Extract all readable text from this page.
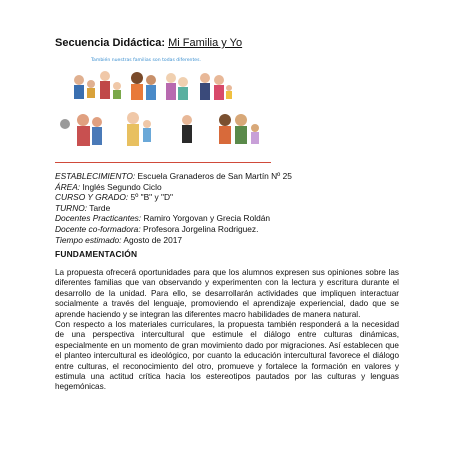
Secuencia Didáctica: Mi Familia y Yo
También nuestras familias son todas diferentes.
ESTABLECIMIENTO: Escuela Granaderos de San Martín Nº 25
ÁREA: Inglés Segundo Ciclo
CURSO Y GRADO: 5º "B" y "D"
TURNO: Tarde
Docentes Practicantes: Ramiro Yorgovan y Grecia Roldán
Docente co-formadora: Profesora Jorgelina Rodriguez.
Tiempo estimado: Agosto de 2017
FUNDAMENTACIÓN

La propuesta ofrecerá oportunidades para que los alumnos expresen sus opiniones sobre las diferentes familias que van observando y experimenten con la lectura y escritura durante el desarrollo de la unidad. Para ello, se desarrollarán actividades que impliquen interactuar socialmente a través del lenguaje, promoviendo el aprendizaje experiencial, dado que se aprende haciendo y se integran las diferentes macro habilidades de manera natural.

Con respecto a los materiales curriculares, la propuesta también responderá a la necesidad de una perspectiva intercultural que estimule el diálogo entre culturas dinámicas, especialmente en un momento de gran movimiento dado por migraciones. Así establecen que el planteo intercultural es ideológico, por cuanto la educación intercultural favorece el diálogo entre culturas, el reconocimiento del otro, promueve y fortalece la formación en valores y estimula una actitud crítica hacia los estereotipos pautados por las culturas y lenguas hegemónicas.
